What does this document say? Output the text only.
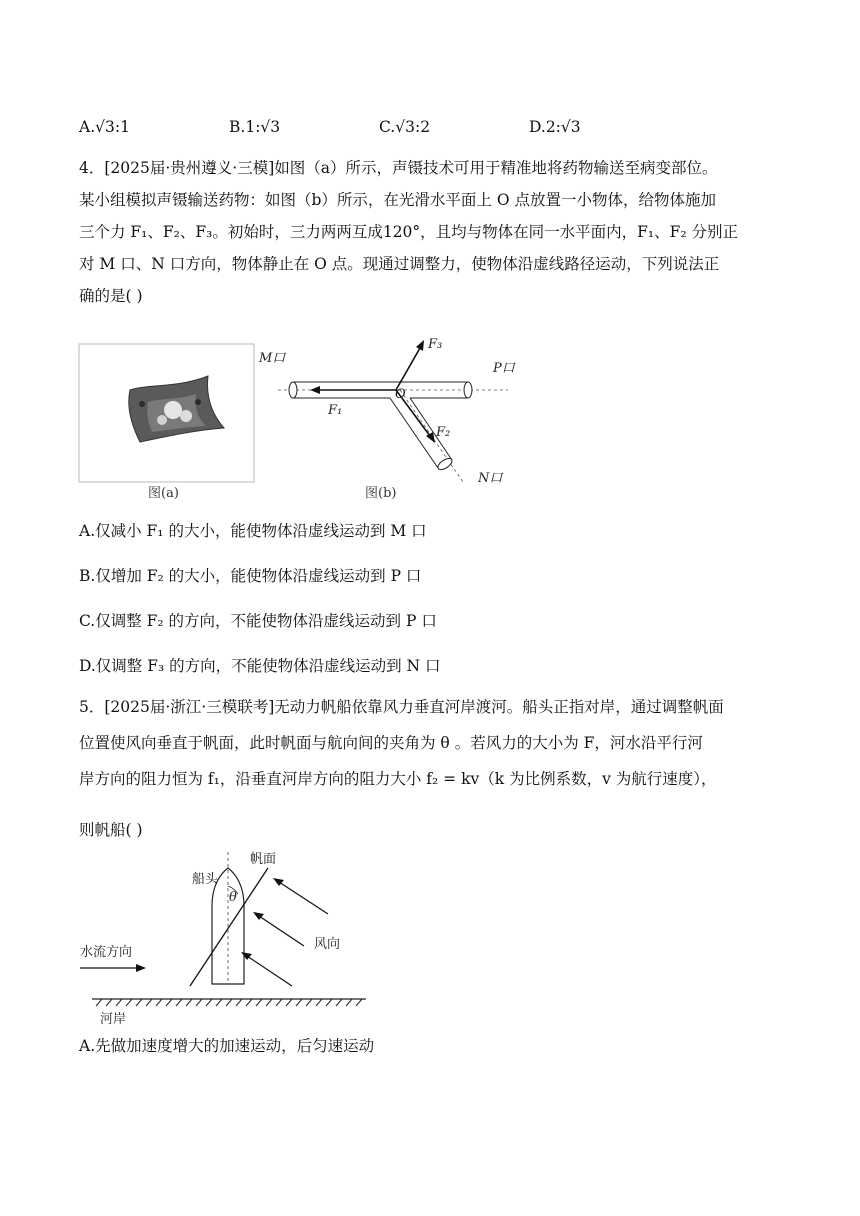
A.√3:1	B.1:√3	C.√3:2	D.2:√3
4．[2025届·贵州遵义·三模]如图（a）所示，声镊技术可用于精准地将药物输送至病变部位。
某小组模拟声镊输送药物：如图（b）所示，在光滑水平面上 O 点放置一小物体，给物体施加
三个力 F₁、F₂、F₃。初始时，三力两两互成120°，且均与物体在同一水平面内，F₁、F₂ 分别正
对 M 口、N 口方向，物体静止在 O 点。现通过调整力，使物体沿虚线路径运动，下列说法正
确的是( )
图(a)
M口
P口
N口
O
F₁
F₂
F₃
图(b)
A.仅减小 F₁ 的大小，能使物体沿虚线运动到 M 口
B.仅增加 F₂ 的大小，能使物体沿虚线运动到 P 口
C.仅调整 F₂ 的方向，不能使物体沿虚线运动到 P 口
D.仅调整 F₃ 的方向，不能使物体沿虚线运动到 N 口
5．[2025届·浙江·三模联考]无动力帆船依靠风力垂直河岸渡河。船头正指对岸，通过调整帆面
位置使风向垂直于帆面，此时帆面与航向间的夹角为 θ 。若风力的大小为 F，河水沿平行河
岸方向的阻力恒为 f₁，沿垂直河岸方向的阻力大小 f₂ = kv（k 为比例系数，v 为航行速度），
则帆船( )
船头
帆面
θ
风向
水流方向
河岸
A.先做加速度增大的加速运动，后匀速运动
